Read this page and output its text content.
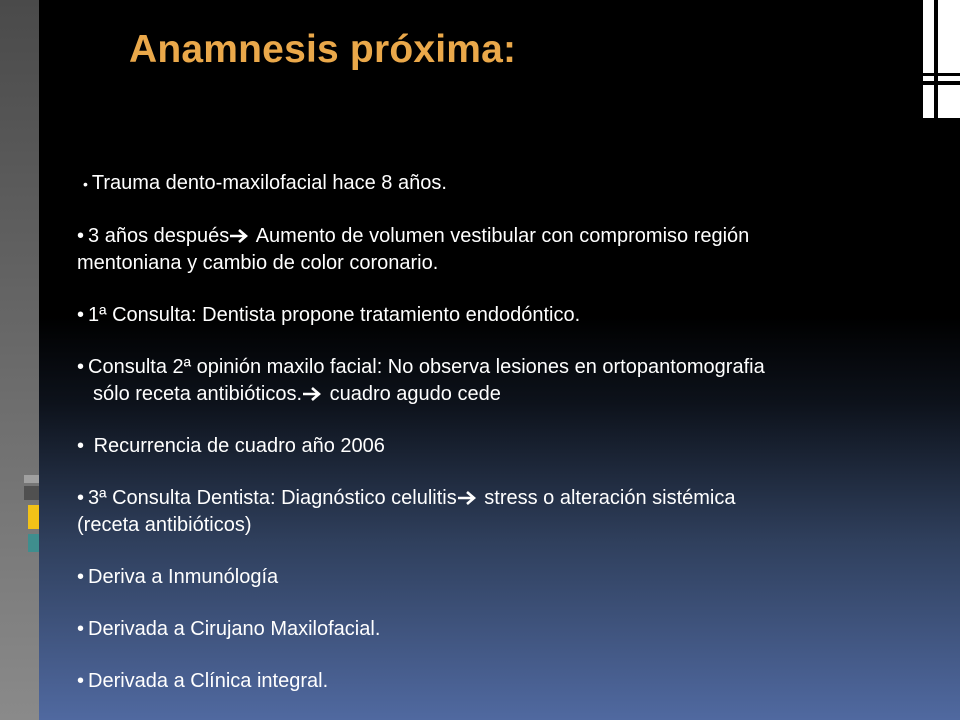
Anamnesis próxima:
• Trauma dento-maxilofacial hace 8 años.
• 3 años después Aumento de volumen vestibular con compromiso región
mentoniana y cambio de color coronario.
• 1ª Consulta: Dentista propone tratamiento endodóntico.
• Consulta 2ª opinión maxilo facial: No observa lesiones en ortopantomografia
sólo receta antibióticos. cuadro agudo cede
• Recurrencia de cuadro año 2006
• 3ª Consulta Dentista: Diagnóstico celulitis stress o alteración sistémica
(receta antibióticos)
• Deriva a Inmunólogía
• Derivada a Cirujano Maxilofacial.
• Derivada a Clínica integral.
